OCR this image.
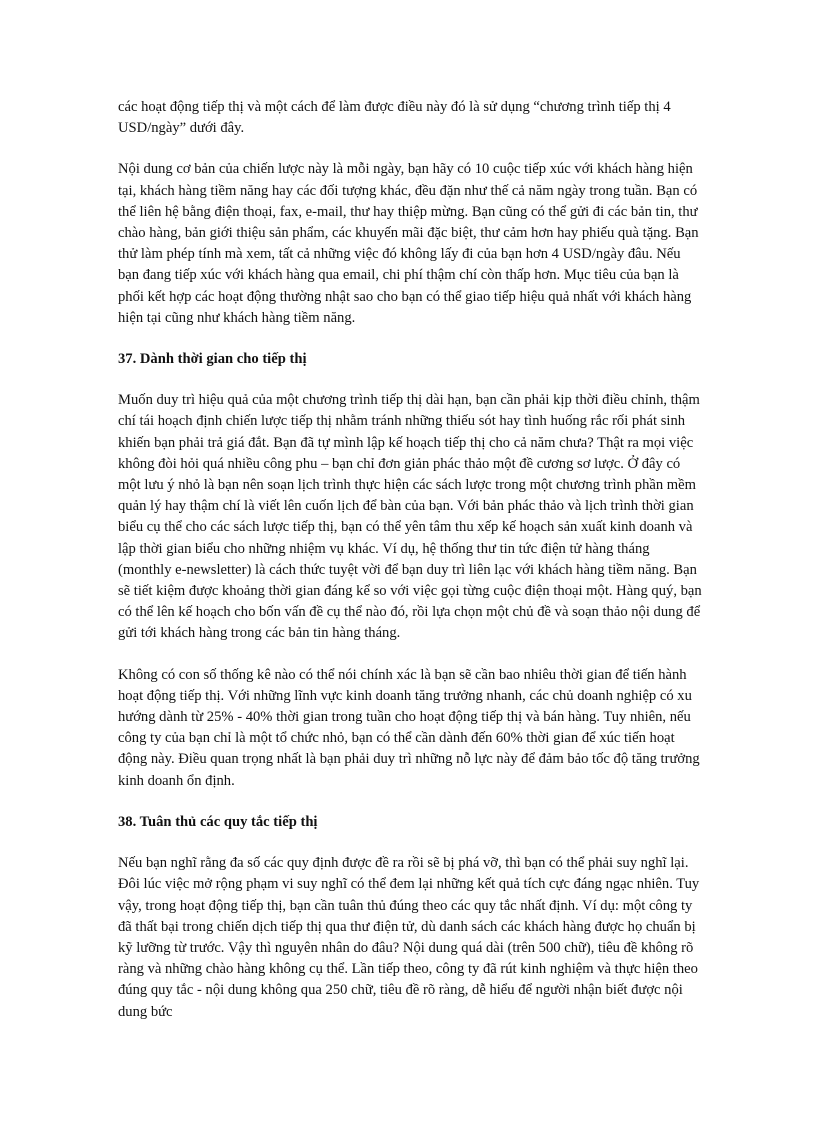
các hoạt động tiếp thị và một cách để làm được điều này đó là sử dụng “chương trình tiếp thị 4 USD/ngày” dưới đây.

Nội dung cơ bản của chiến lược này là mỗi ngày, bạn hãy có 10 cuộc tiếp xúc với khách hàng hiện tại, khách hàng tiềm năng hay các đối tượng khác, đều đặn như thế cả năm ngày trong tuần. Bạn có thể liên hệ bằng điện thoại, fax, e-mail, thư hay thiệp mừng. Bạn cũng có thể gửi đi các bản tin, thư chào hàng, bản giới thiệu sản phẩm, các khuyến mãi đặc biệt, thư cảm hơn hay phiếu quà tặng. Bạn thử làm phép tính mà xem, tất cả những việc đó không lấy đi của bạn hơn 4 USD/ngày đâu. Nếu bạn đang tiếp xúc với khách hàng qua email, chi phí thậm chí còn thấp hơn. Mục tiêu của bạn là phối kết hợp các hoạt động thường nhật sao cho bạn có thể giao tiếp hiệu quả nhất với khách hàng hiện tại cũng như khách hàng tiềm năng.

37. Dành thời gian cho tiếp thị

Muốn duy trì hiệu quả của một chương trình tiếp thị dài hạn, bạn cần phải kịp thời điều chỉnh, thậm chí tái hoạch định chiến lược tiếp thị nhằm tránh những thiếu sót hay tình huống rắc rối phát sinh khiến bạn phải trả giá đắt. Bạn đã tự mình lập kế hoạch tiếp thị cho cả năm chưa? Thật ra mọi việc không đòi hỏi quá nhiều công phu – bạn chỉ đơn giản phác thảo một đề cương sơ lược. Ở đây có một lưu ý nhỏ là bạn nên soạn lịch trình thực hiện các sách lược trong một chương trình phần mềm quản lý hay thậm chí là viết lên cuốn lịch để bàn của bạn. Với bản phác thảo và lịch trình thời gian biểu cụ thể cho các sách lược tiếp thị, bạn có thể yên tâm thu xếp kế hoạch sản xuất kinh doanh và lập thời gian biểu cho những nhiệm vụ khác. Ví dụ, hệ thống thư tin tức điện tử hàng tháng (monthly e-newsletter) là cách thức tuyệt vời để bạn duy trì liên lạc với khách hàng tiềm năng. Bạn sẽ tiết kiệm được khoảng thời gian đáng kể so với việc gọi từng cuộc điện thoại một. Hàng quý, bạn có thể lên kế hoạch cho bốn vấn đề cụ thể nào đó, rồi lựa chọn một chủ đề và soạn thảo nội dung để gửi tới khách hàng trong các bản tin hàng tháng.

Không có con số thống kê nào có thể nói chính xác là bạn sẽ cần bao nhiêu thời gian để tiến hành hoạt động tiếp thị. Với những lĩnh vực kinh doanh tăng trưởng nhanh, các chủ doanh nghiệp có xu hướng dành từ 25% - 40% thời gian trong tuần cho hoạt động tiếp thị và bán hàng. Tuy nhiên, nếu công ty của bạn chỉ là một tổ chức nhỏ, bạn có thể cần dành đến 60% thời gian để xúc tiến hoạt động này. Điều quan trọng nhất là bạn phải duy trì những nỗ lực này để đảm bảo tốc độ tăng trưởng kinh doanh ổn định.

38. Tuân thủ các quy tắc tiếp thị

Nếu bạn nghĩ rằng đa số các quy định được đề ra rồi sẽ bị phá vỡ, thì bạn có thể phải suy nghĩ lại. Đôi lúc việc mở rộng phạm vi suy nghĩ có thể đem lại những kết quả tích cực đáng ngạc nhiên. Tuy vậy, trong hoạt động tiếp thị, bạn cần tuân thủ đúng theo các quy tắc nhất định. Ví dụ: một công ty đã thất bại trong chiến dịch tiếp thị qua thư điện tử, dù danh sách các khách hàng được họ chuẩn bị kỹ lưỡng từ trước. Vậy thì nguyên nhân do đâu? Nội dung quá dài (trên 500 chữ), tiêu đề không rõ ràng và những chào hàng không cụ thể. Lần tiếp theo, công ty đã rút kinh nghiệm và thực hiện theo đúng quy tắc - nội dung không qua 250 chữ, tiêu đề rõ ràng, dễ hiểu để người nhận biết được nội dung bức
